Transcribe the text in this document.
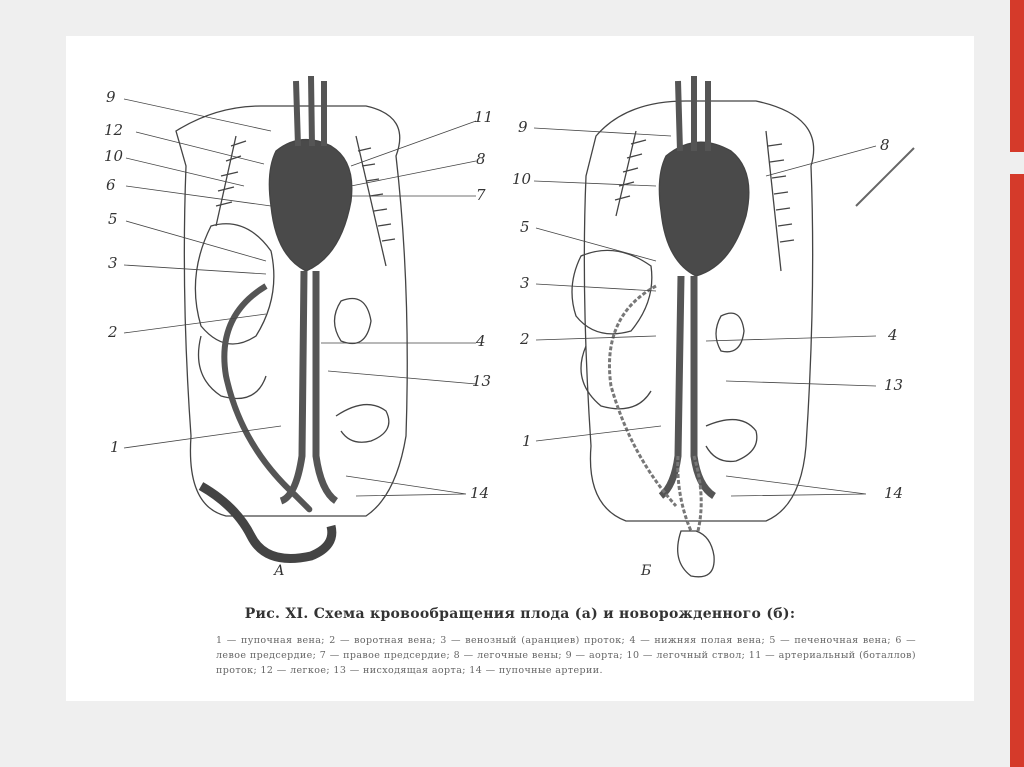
9
12
10
6
5
3
2
1
11
8
7
4
13
14
9
10
5
3
2
1
8
4
13
14
А	Б
Рис. XI. Схема кровообращения плода (а) и новорожденного (б):
1 — пупочная вена; 2 — воротная вена; 3 — венозный (аранциев) проток; 4 — нижняя полая вена; 5 — печеночная вена; 6 — левое предсердие; 7 — правое предсердие; 8 — легочные вены; 9 — аорта; 10 — легочный ствол; 11 — артериальный (боталлов) проток; 12 — легкое; 13 — нисходящая аорта; 14 — пупочные артерии.
